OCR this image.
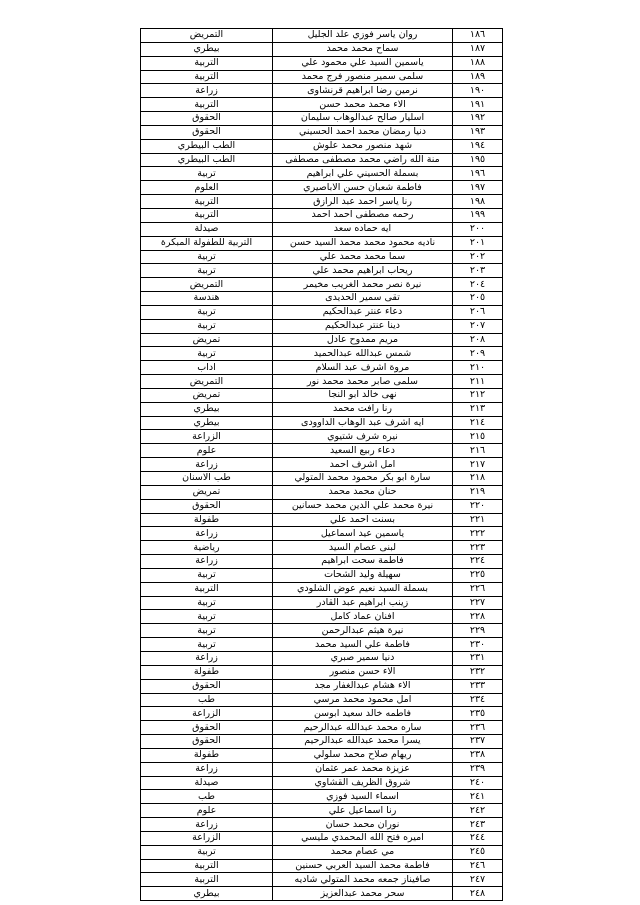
١٨٦	روان ياسر فوزي علد الجليل	التمريض
١٨٧	سماح محمد محمد	بيطري
١٨٨	ياسمين السيد علي محمود علي	التربية
١٨٩	سلمى سمير منصور فرج محمد	التربية
١٩٠	نرمين رضا ابراهيم قرنشاوى	زراعة
١٩١	الاء محمد محمد حسن	التربية
١٩٢	اسليار صالح عبدالوهاب سليمان	الحقوق
١٩٣	دنيا رمضان محمد احمد الحسيني	الحقوق
١٩٤	شهد منصور محمد علوش	الطب البيطري
١٩٥	منة الله راضي محمد مصطفى مصطفى	الطب البيطري
١٩٦	بسملة الحسيني علي ابراهيم	تربية
١٩٧	فاطمة شعبان حسن الاباصيري	العلوم
١٩٨	رنا ياسر احمد عبد الرازق	التربية
١٩٩	رحمه مصطفى احمد احمد	التربية
٢٠٠	ايه حماده سعد	صيدلة
٢٠١	ناديه محمود محمد محمد السيد حسن	التربية للطفولة المبكرة
٢٠٢	سما محمد محمد علي	تربية
٢٠٣	ريحاب ابراهيم محمد علي	تربية
٢٠٤	نيرة نصر محمد الغريب مخيمر	التمريض
٢٠٥	تقى سمير الحديدى	هندسة
٢٠٦	دعاء عنتر عبدالحكيم	تربية
٢٠٧	دينا عنتر عبدالحكيم	تربية
٢٠٨	مريم ممدوح عادل	تمريض
٢٠٩	شمس عبدالله عبدالحميد	تربية
٢١٠	مروة اشرف عبد السلام	اداب
٢١١	سلمى صابر محمد محمد نور	التمريض
٢١٢	نهى خالد ابو النجا	تمريض
٢١٣	رنا رافت محمد	بيطري
٢١٤	ايه اشرف عبد الوهاب الداوودى	بيطري
٢١٥	نيره شرف شتيوي	الزراعة
٢١٦	دعاء ربيع السعيد	علوم
٢١٧	امل اشرف احمد	زراعة
٢١٨	سارة ابو بكر محمود محمد المتولي	طب الاسنان
٢١٩	حنان محمد محمد	تمريض
٢٢٠	نيرة محمد علي الدين محمد حسانين	الحقوق
٢٢١	بسنت احمد علي	طفولة
٢٢٢	ياسمين عيد اسماعيل	زراعة
٢٢٣	لبنى عصام السيد	رياضية
٢٢٤	فاطمة سحت ابراهيم	زراعة
٢٢٥	سهيلة وليد الشحات	تربية
٢٢٦	بسملة السيد نعيم عوض الشلودي	التربية
٢٢٧	زينب ابراهيم عبد القادر	تربية
٢٢٨	افنان عماد كامل	تربية
٢٢٩	نيرة هيثم عبدالرحمن	تربية
٢٣٠	فاطمة علي السيد محمد	تربية
٢٣١	دنيا سمير صبري	زراعة
٢٣٢	الاء حسن منصور	طفولة
٢٣٣	الاء هشام عبدالغفار مجد	الحقوق
٢٣٤	امل محمود محمد مرسي	طب
٢٣٥	فاطمه خالد سعيد ابوسن	الزراعة
٢٣٦	ساره محمد عبدالله عبدالرحيم	الحقوق
٢٣٧	يسرا محمد عبدالله عبدالرحيم	الحقوق
٢٣٨	ريهام صلاح محمد سلولي	طفولة
٢٣٩	عزيزة محمد عمر عثمان	زراعة
٢٤٠	شروق الظريف القشاوي	صيدلة
٢٤١	اسماء السيد فوزي	طب
٢٤٢	رنا اسماعيل علي	علوم
٢٤٣	نوران محمد حسان	زراعة
٢٤٤	اميره فتح الله المحمدي مليسي	الزراعة
٢٤٥	مي عصام محمد	تربية
٢٤٦	فاطمة محمد السيد العربي حسنين	التربية
٢٤٧	صافيناز جمعه محمد المتولي شاديه	التربية
٢٤٨	سحر محمد عبدالعزيز	بيطري
